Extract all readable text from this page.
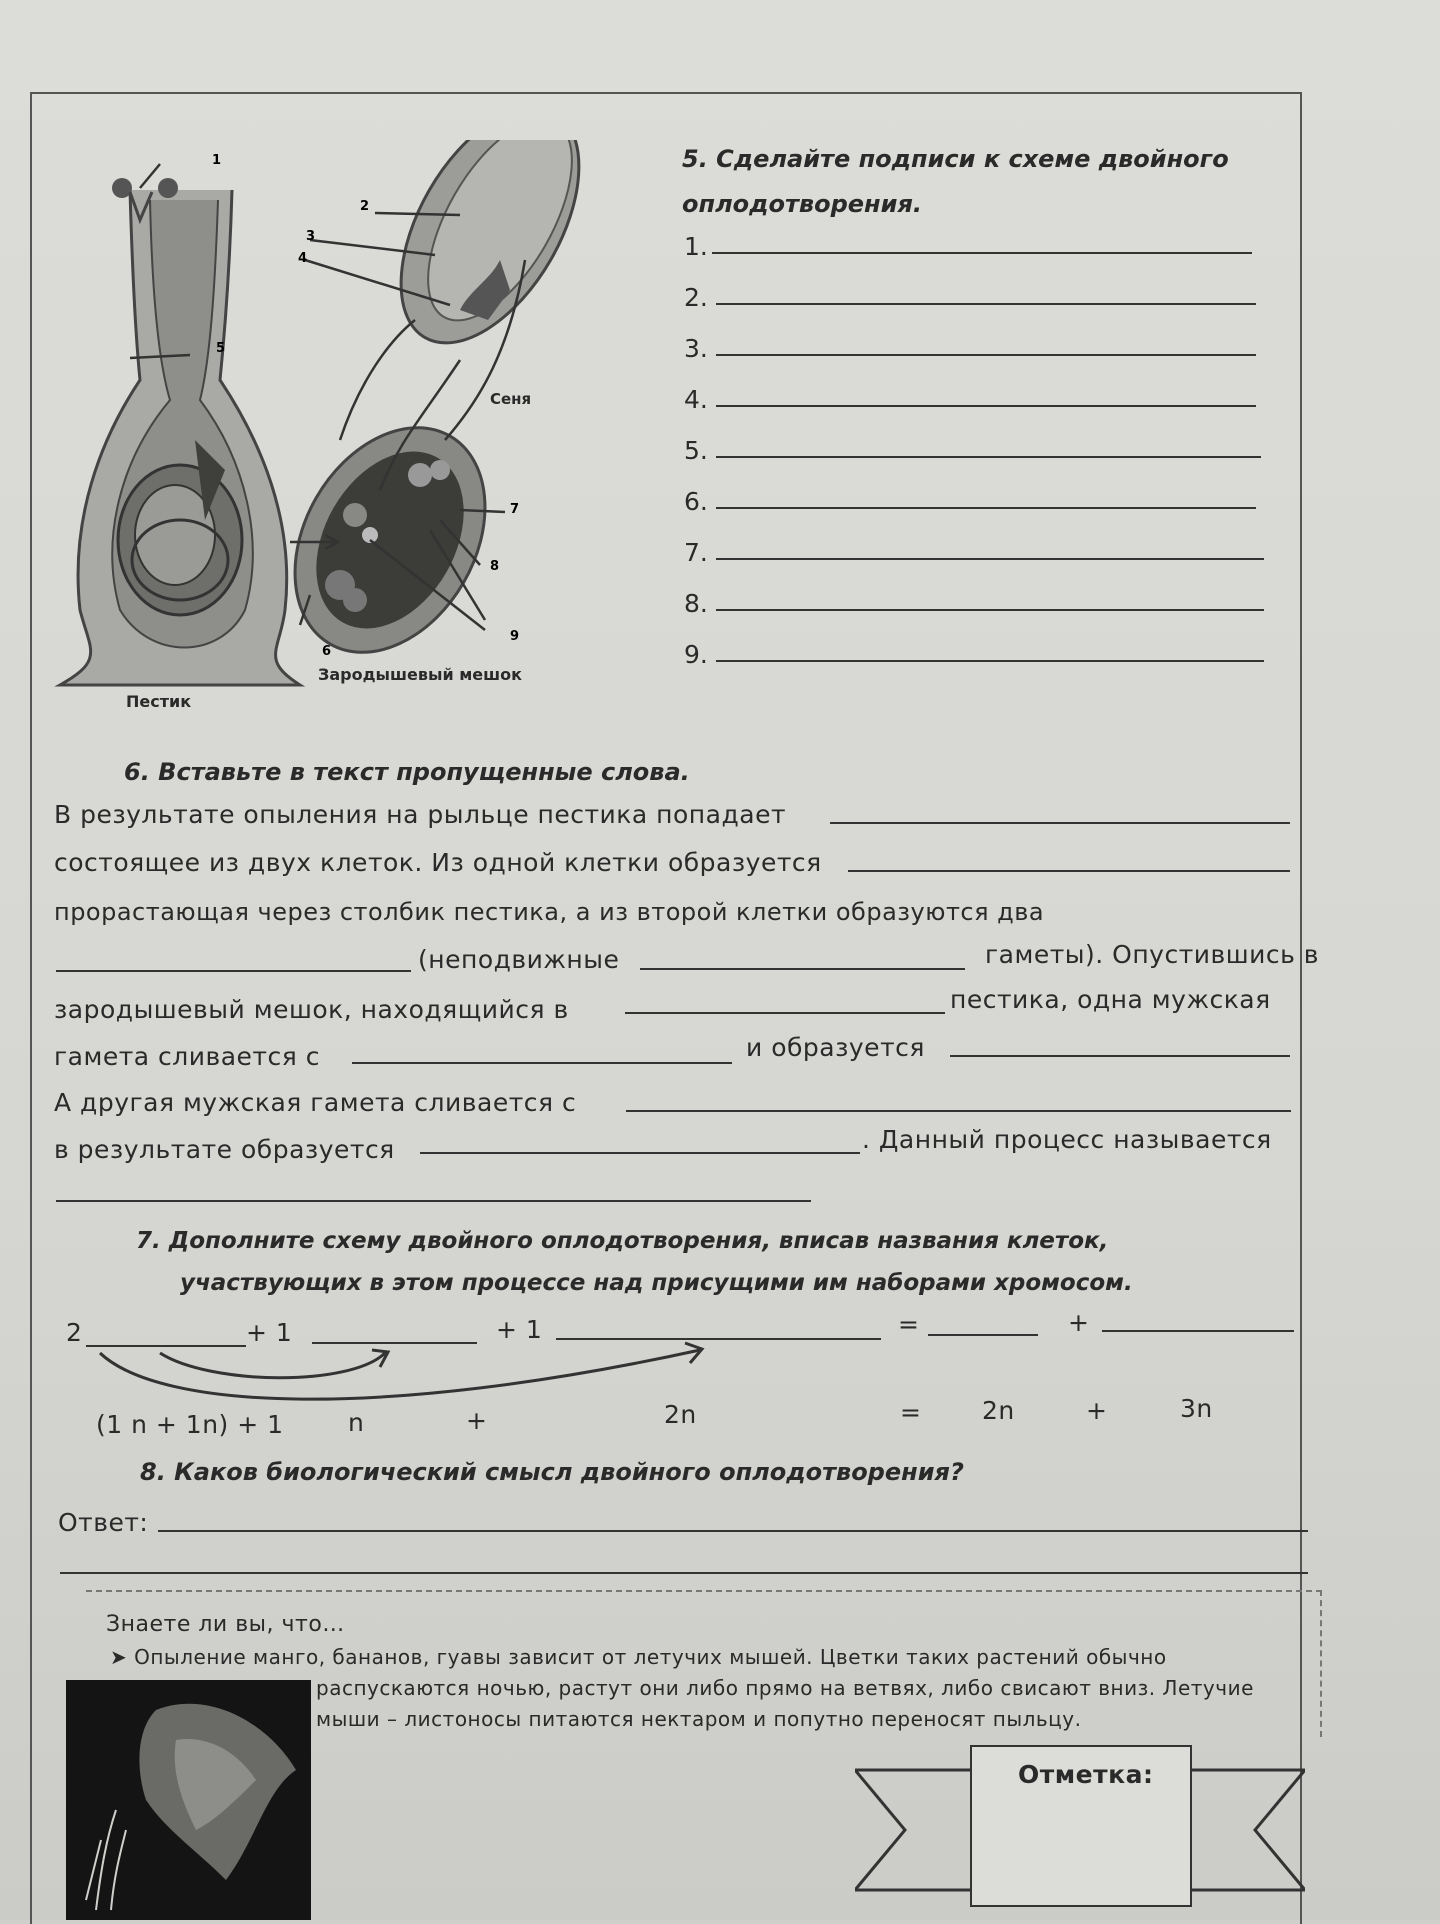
1
2
3
4
5
6
7
8
9
Сеня
Зародышевый мешок
Пестик
5. Сделайте подписи к схеме двойного
оплодотворения.
1.
2.
3.
4.
5.
6.
7.
8.
9.
6. Вставьте в текст пропущенные слова.
В результате опыления на рыльце пестика попадает
состоящее из двух клеток. Из одной клетки образуется
прорастающая через столбик пестика, а из второй клетки образуются два
(неподвижные	гаметы). Опустившись в
зародышевый мешок, находящийся в	пестика, одна мужская
гамета сливается с	и образуется
А другая мужская гамета сливается с
в результате образуется	. Данный процесс называется
7. Дополните схему двойного оплодотворения, вписав названия клеток,
участвующих в этом процессе над присущими им наборами хромосом.
2	+ 1	+ 1	=	+
(1 n + 1n) + 1	n	+	2n	= 2n	+	3n
8. Каков биологический смысл двойного оплодотворения?
Ответ:
Знаете ли вы, что…
➤ Опыление манго, бананов, гуавы зависит от летучих мышей. Цветки таких растений обычно
распускаются ночью, растут они либо прямо на ветвях, либо свисают вниз. Летучие
мыши – листоносы питаются нектаром и попутно переносят пыльцу.
Отметка:
